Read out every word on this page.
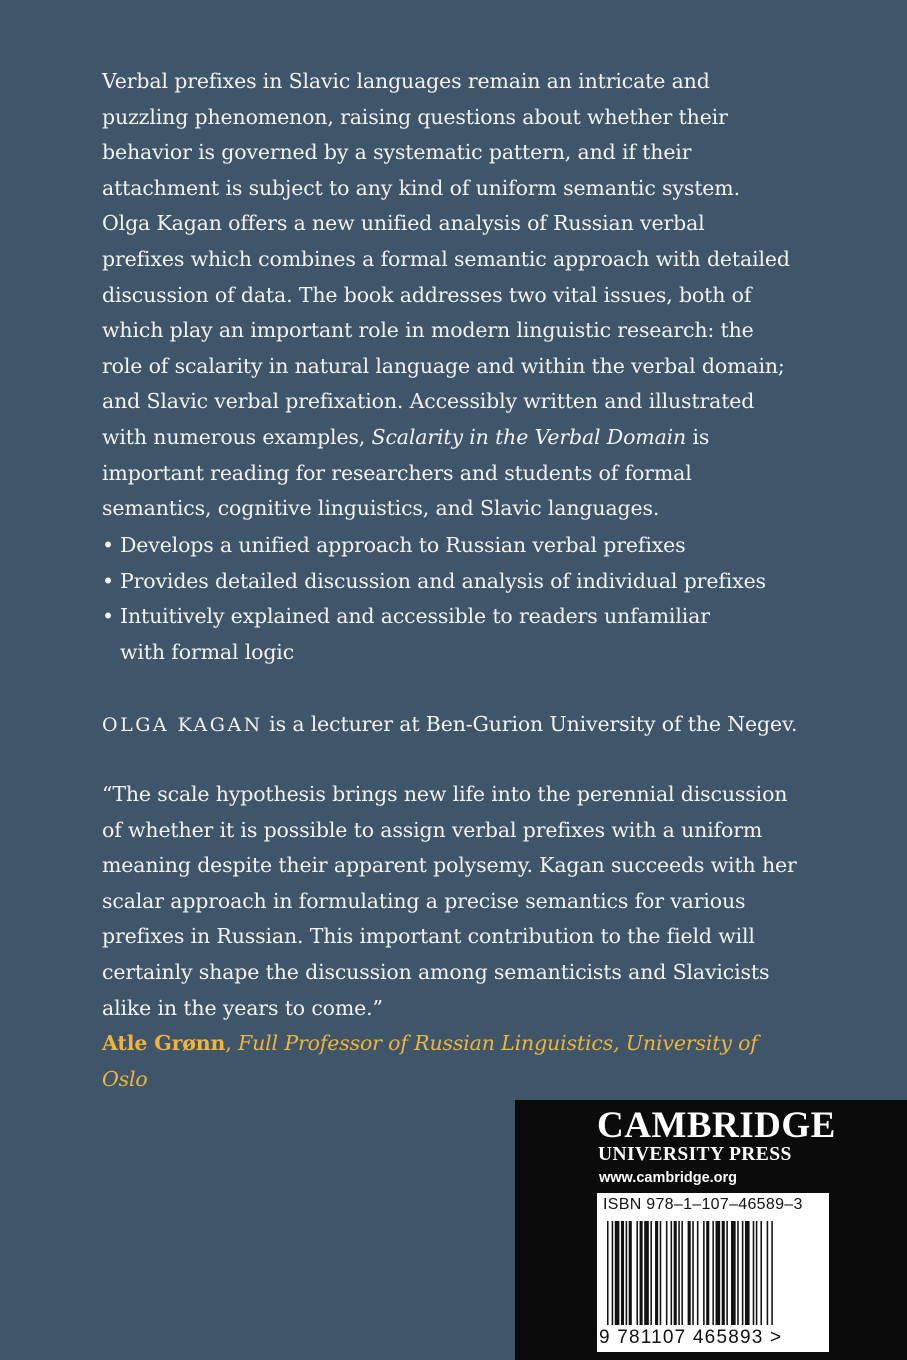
Verbal prefixes in Slavic languages remain an intricate and puzzling phenomenon, raising questions about whether their behavior is governed by a systematic pattern, and if their attachment is subject to any kind of uniform semantic system. Olga Kagan offers a new unified analysis of Russian verbal prefixes which combines a formal semantic approach with detailed discussion of data. The book addresses two vital issues, both of which play an important role in modern linguistic research: the role of scalarity in natural language and within the verbal domain; and Slavic verbal prefixation. Accessibly written and illustrated with numerous examples, Scalarity in the Verbal Domain is important reading for researchers and students of formal semantics, cognitive linguistics, and Slavic languages.

• Develops a unified approach to Russian verbal prefixes
• Provides detailed discussion and analysis of individual prefixes
• Intuitively explained and accessible to readers unfamiliar with formal logic
OLGA KAGAN is a lecturer at Ben-Gurion University of the Negev.

“The scale hypothesis brings new life into the perennial discussion of whether it is possible to assign verbal prefixes with a uniform meaning despite their apparent polysemy. Kagan succeeds with her scalar approach in formulating a precise semantics for various prefixes in Russian. This important contribution to the field will certainly shape the discussion among semanticists and Slavicists alike in the years to come.”

Atle Grønn, Full Professor of Russian Linguistics, University of Oslo

CAMBRIDGE
UNIVERSITY PRESS
www.cambridge.org
ISBN 978–1–107–46589–3
9 781107 465893 >
